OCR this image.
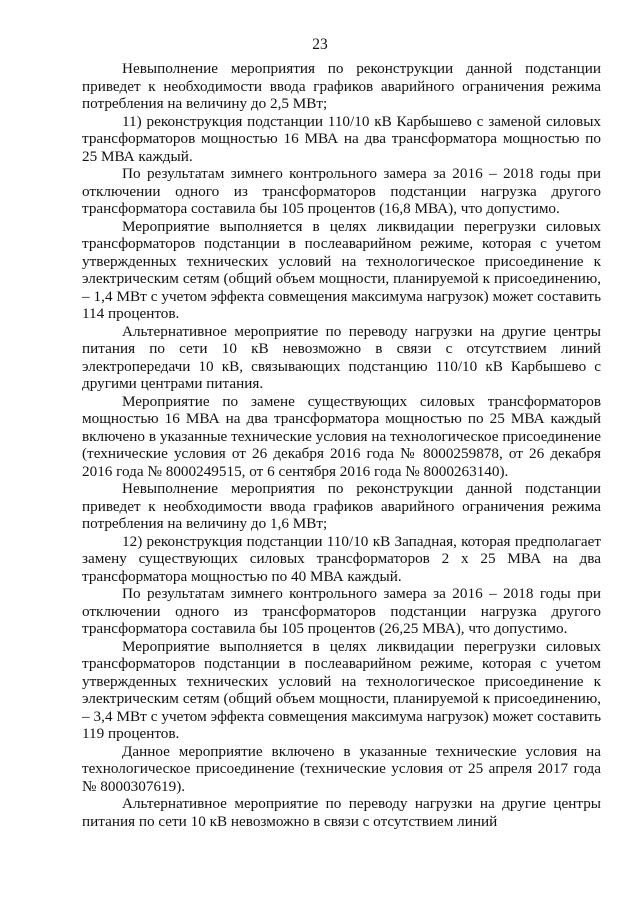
23

Невыполнение мероприятия по реконструкции данной подстанции приведет к необходимости ввода графиков аварийного ограничения режима потребления на величину до 2,5 МВт;

11) реконструкция подстанции 110/10 кВ Карбышево с заменой силовых трансформаторов мощностью 16 МВА на два трансформатора мощностью по 25 МВА каждый.

По результатам зимнего контрольного замера за 2016 – 2018 годы при отключении одного из трансформаторов подстанции нагрузка другого трансформатора составила бы 105 процентов (16,8 МВА), что допустимо.

Мероприятие выполняется в целях ликвидации перегрузки силовых трансформаторов подстанции в послеаварийном режиме, которая с учетом утвержденных технических условий на технологическое присоединение к электрическим сетям (общий объем мощности, планируемой к присоединению, – 1,4 МВт с учетом эффекта совмещения максимума нагрузок) может составить 114 процентов.

Альтернативное мероприятие по переводу нагрузки на другие центры питания по сети 10 кВ невозможно в связи с отсутствием линий электропередачи 10 кВ, связывающих подстанцию 110/10 кВ Карбышево с другими центрами питания.

Мероприятие по замене существующих силовых трансформаторов мощностью 16 МВА на два трансформатора мощностью по 25 МВА каждый включено в указанные технические условия на технологическое присоединение (технические условия от 26 декабря 2016 года № 8000259878, от 26 декабря 2016 года № 8000249515, от 6 сентября 2016 года № 8000263140).

Невыполнение мероприятия по реконструкции данной подстанции приведет к необходимости ввода графиков аварийного ограничения режима потребления на величину до 1,6 МВт;

12) реконструкция подстанции 110/10 кВ Западная, которая предполагает замену существующих силовых трансформаторов 2 х 25 МВА на два трансформатора мощностью по 40 МВА каждый.

По результатам зимнего контрольного замера за 2016 – 2018 годы при отключении одного из трансформаторов подстанции нагрузка другого трансформатора составила бы 105 процентов (26,25 МВА), что допустимо.

Мероприятие выполняется в целях ликвидации перегрузки силовых трансформаторов подстанции в послеаварийном режиме, которая с учетом утвержденных технических условий на технологическое присоединение к электрическим сетям (общий объем мощности, планируемой к присоединению, – 3,4 МВт с учетом эффекта совмещения максимума нагрузок) может составить 119 процентов.

Данное мероприятие включено в указанные технические условия на технологическое присоединение (технические условия от 25 апреля 2017 года № 8000307619).

Альтернативное мероприятие по переводу нагрузки на другие центры питания по сети 10 кВ невозможно в связи с отсутствием линий
